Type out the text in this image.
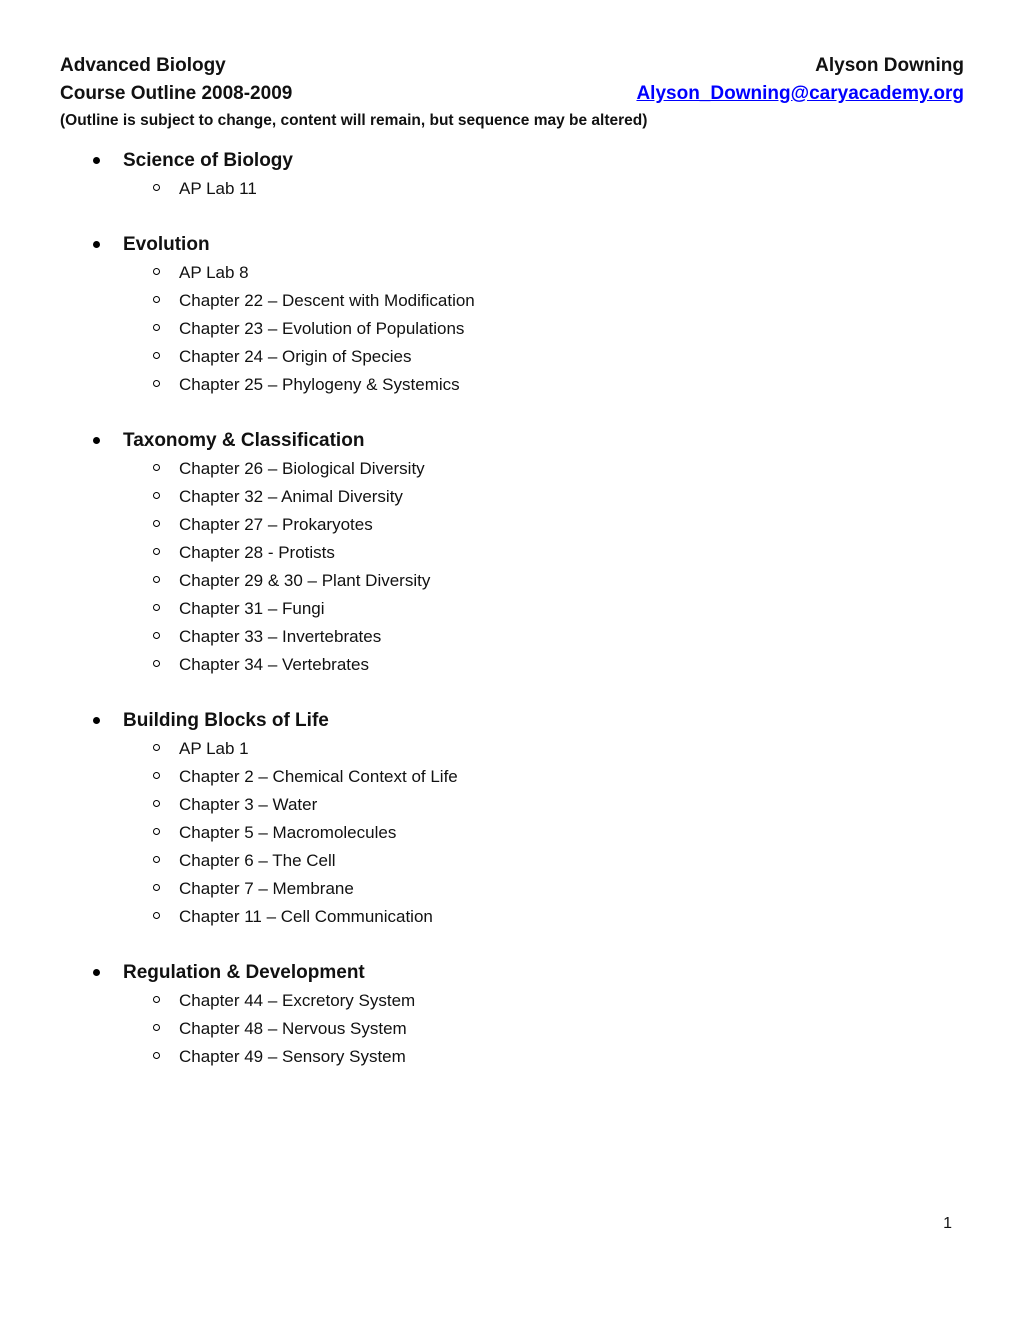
Advanced Biology	Alyson Downing
Course Outline 2008-2009	Alyson_Downing@caryacademy.org
(Outline is subject to change, content will remain, but sequence may be altered)
Science of Biology
AP Lab 11
Evolution
AP Lab 8
Chapter 22 – Descent with Modification
Chapter 23 – Evolution of Populations
Chapter 24 – Origin of Species
Chapter 25 – Phylogeny & Systemics
Taxonomy & Classification
Chapter 26 – Biological Diversity
Chapter 32 – Animal Diversity
Chapter 27 – Prokaryotes
Chapter 28 - Protists
Chapter 29 & 30 – Plant Diversity
Chapter 31 – Fungi
Chapter 33 – Invertebrates
Chapter 34 – Vertebrates
Building Blocks of Life
AP Lab 1
Chapter 2 – Chemical Context of Life
Chapter 3 – Water
Chapter 5 – Macromolecules
Chapter 6 – The Cell
Chapter 7 – Membrane
Chapter 11 – Cell Communication
Regulation & Development
Chapter 44 – Excretory System
Chapter 48 – Nervous System
Chapter 49 – Sensory System
1
